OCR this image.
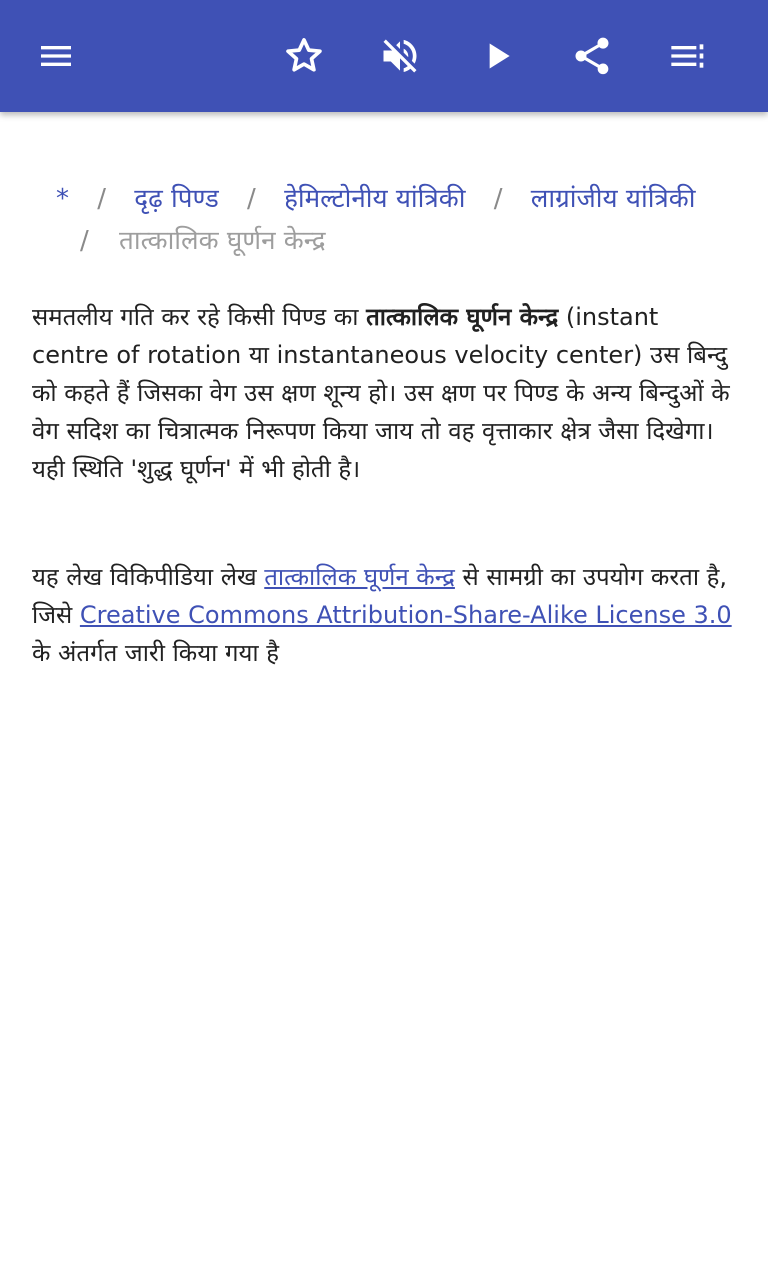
* / दृढ़ पिण्ड / हेमिल्टोनीय यांत्रिकी / लाग्रांजीय यांत्रिकी
/ तात्कालिक घूर्णन केन्द्र

समतलीय गति कर रहे किसी पिण्ड का तात्कालिक घूर्णन केन्द्र (instant centre of rotation या instantaneous velocity center) उस बिन्दु को कहते हैं जिसका वेग उस क्षण शून्य हो। उस क्षण पर पिण्ड के अन्य बिन्दुओं के वेग सदिश का चित्रात्मक निरूपण किया जाय तो वह वृत्ताकार क्षेत्र जैसा दिखेगा। यही स्थिति 'शुद्ध घूर्णन' में भी होती है।

यह लेख विकिपीडिया लेख तात्कालिक घूर्णन केन्द्र से सामग्री का उपयोग करता है, जिसे Creative Commons Attribution-Share-Alike License 3.0 के अंतर्गत जारी किया गया है
